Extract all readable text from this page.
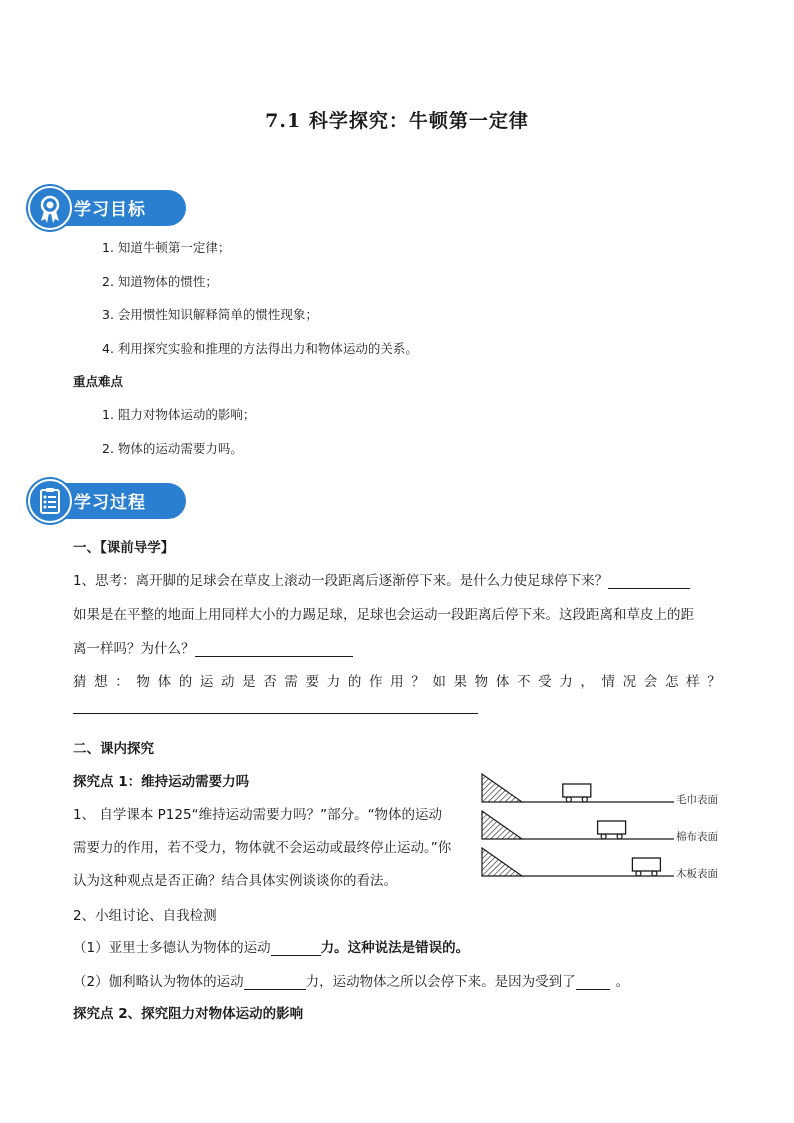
7.1 科学探究：牛顿第一定律
学习目标
1. 知道牛顿第一定律；
2. 知道物体的惯性；
3. 会用惯性知识解释简单的惯性现象；
4. 利用探究实验和推理的方法得出力和物体运动的关系。
重点难点
1. 阻力对物体运动的影响；
2. 物体的运动需要力吗。
学习过程
一、【课前导学】
1、思考：离开脚的足球会在草皮上滚动一段距离后逐渐停下来。是什么力使足球停下来？
如果是在平整的地面上用同样大小的力踢足球，足球也会运动一段距离后停下来。这段距离和草皮上的距
离一样吗？为什么？
猜 想 ： 物 体 的 运 动 是 否 需 要 力 的 作 用 ？ 如 果 物 体 不 受 力 ， 情 况 会 怎 样 ？
二、课内探究
探究点 1：维持运动需要力吗
1、 自学课本 P125“维持运动需要力吗？”部分。“物体的运动
需要力的作用，若不受力，物体就不会运动或最终停止运动。”你
认为这种观点是否正确？结合具体实例谈谈你的看法。
2、小组讨论、自我检测
（1）亚里士多德认为物体的运动	力。这种说法是错误的。
（2）伽利略认为物体的运动	力，运动物体之所以会停下来。是因为受到了	。
探究点 2、探究阻力对物体运动的影响
毛巾表面
棉布表面
木板表面
